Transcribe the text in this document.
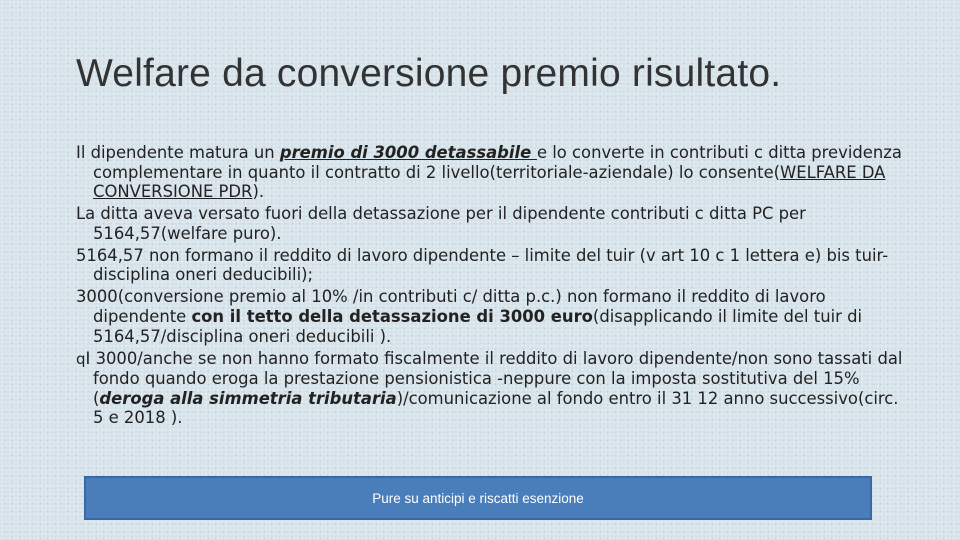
Welfare da conversione premio risultato.

Il dipendente matura un premio di 3000 detassabile e lo converte in contributi c ditta previdenza complementare in quanto il contratto di 2 livello(territoriale-aziendale) lo consente(WELFARE DA CONVERSIONE PDR).

La ditta aveva versato fuori della detassazione per il dipendente contributi c ditta PC per 5164,57(welfare puro).

5164,57 non formano il reddito di lavoro dipendente – limite del tuir (v art 10 c 1 lettera e) bis tuir- disciplina oneri deducibili);

3000(conversione premio al 10% /in contributi c/ ditta p.c.) non formano il reddito di lavoro dipendente con il tetto della detassazione di 3000 euro(disapplicando il limite del tuir di 5164,57/disciplina oneri deducibili ).

qI 3000/anche se non hanno formato fiscalmente il reddito di lavoro dipendente/non sono tassati dal fondo quando eroga la prestazione pensionistica -neppure con la imposta sostitutiva del 15%(deroga alla simmetria tributaria)/comunicazione al fondo entro il 31 12 anno successivo(circ. 5 e 2018 ).

Pure su anticipi e riscatti esenzione
